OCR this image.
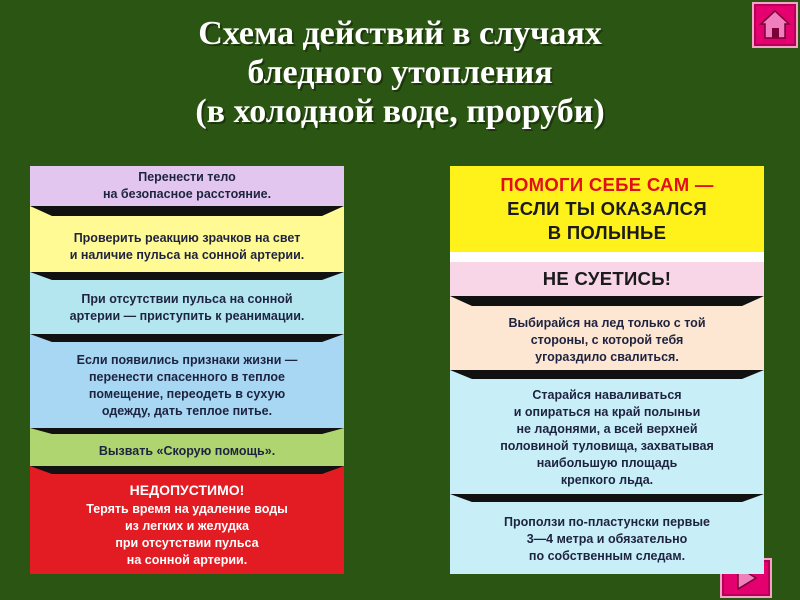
Схема действий в случаях
бледного утопления
(в холодной воде, проруби)
Перенести тело
на безопасное расстояние.
Проверить реакцию зрачков на свет
и наличие пульса на сонной артерии.
При отсутствии пульса на сонной
артерии — приступить к реанимации.
Если появились признаки жизни —
перенести спасенного в теплое
помещение, переодеть в сухую
одежду, дать теплое питье.
Вызвать «Скорую помощь».
НЕДОПУСТИМО!
Терять время на удаление воды
из легких и желудка
при отсутствии пульса
на сонной артерии.
ПОМОГИ СЕБЕ САМ —
ЕСЛИ ТЫ ОКАЗАЛСЯ
В ПОЛЫНЬЕ
НЕ СУЕТИСЬ!
Выбирайся на лед только с той
стороны, с которой тебя
угораздило свалиться.
Старайся наваливаться
и опираться на край полыньи
не ладонями, а всей верхней
половиной туловища, захватывая
наибольшую площадь
крепкого льда.
Проползи по-пластунски первые
3—4 метра и обязательно
по собственным следам.
